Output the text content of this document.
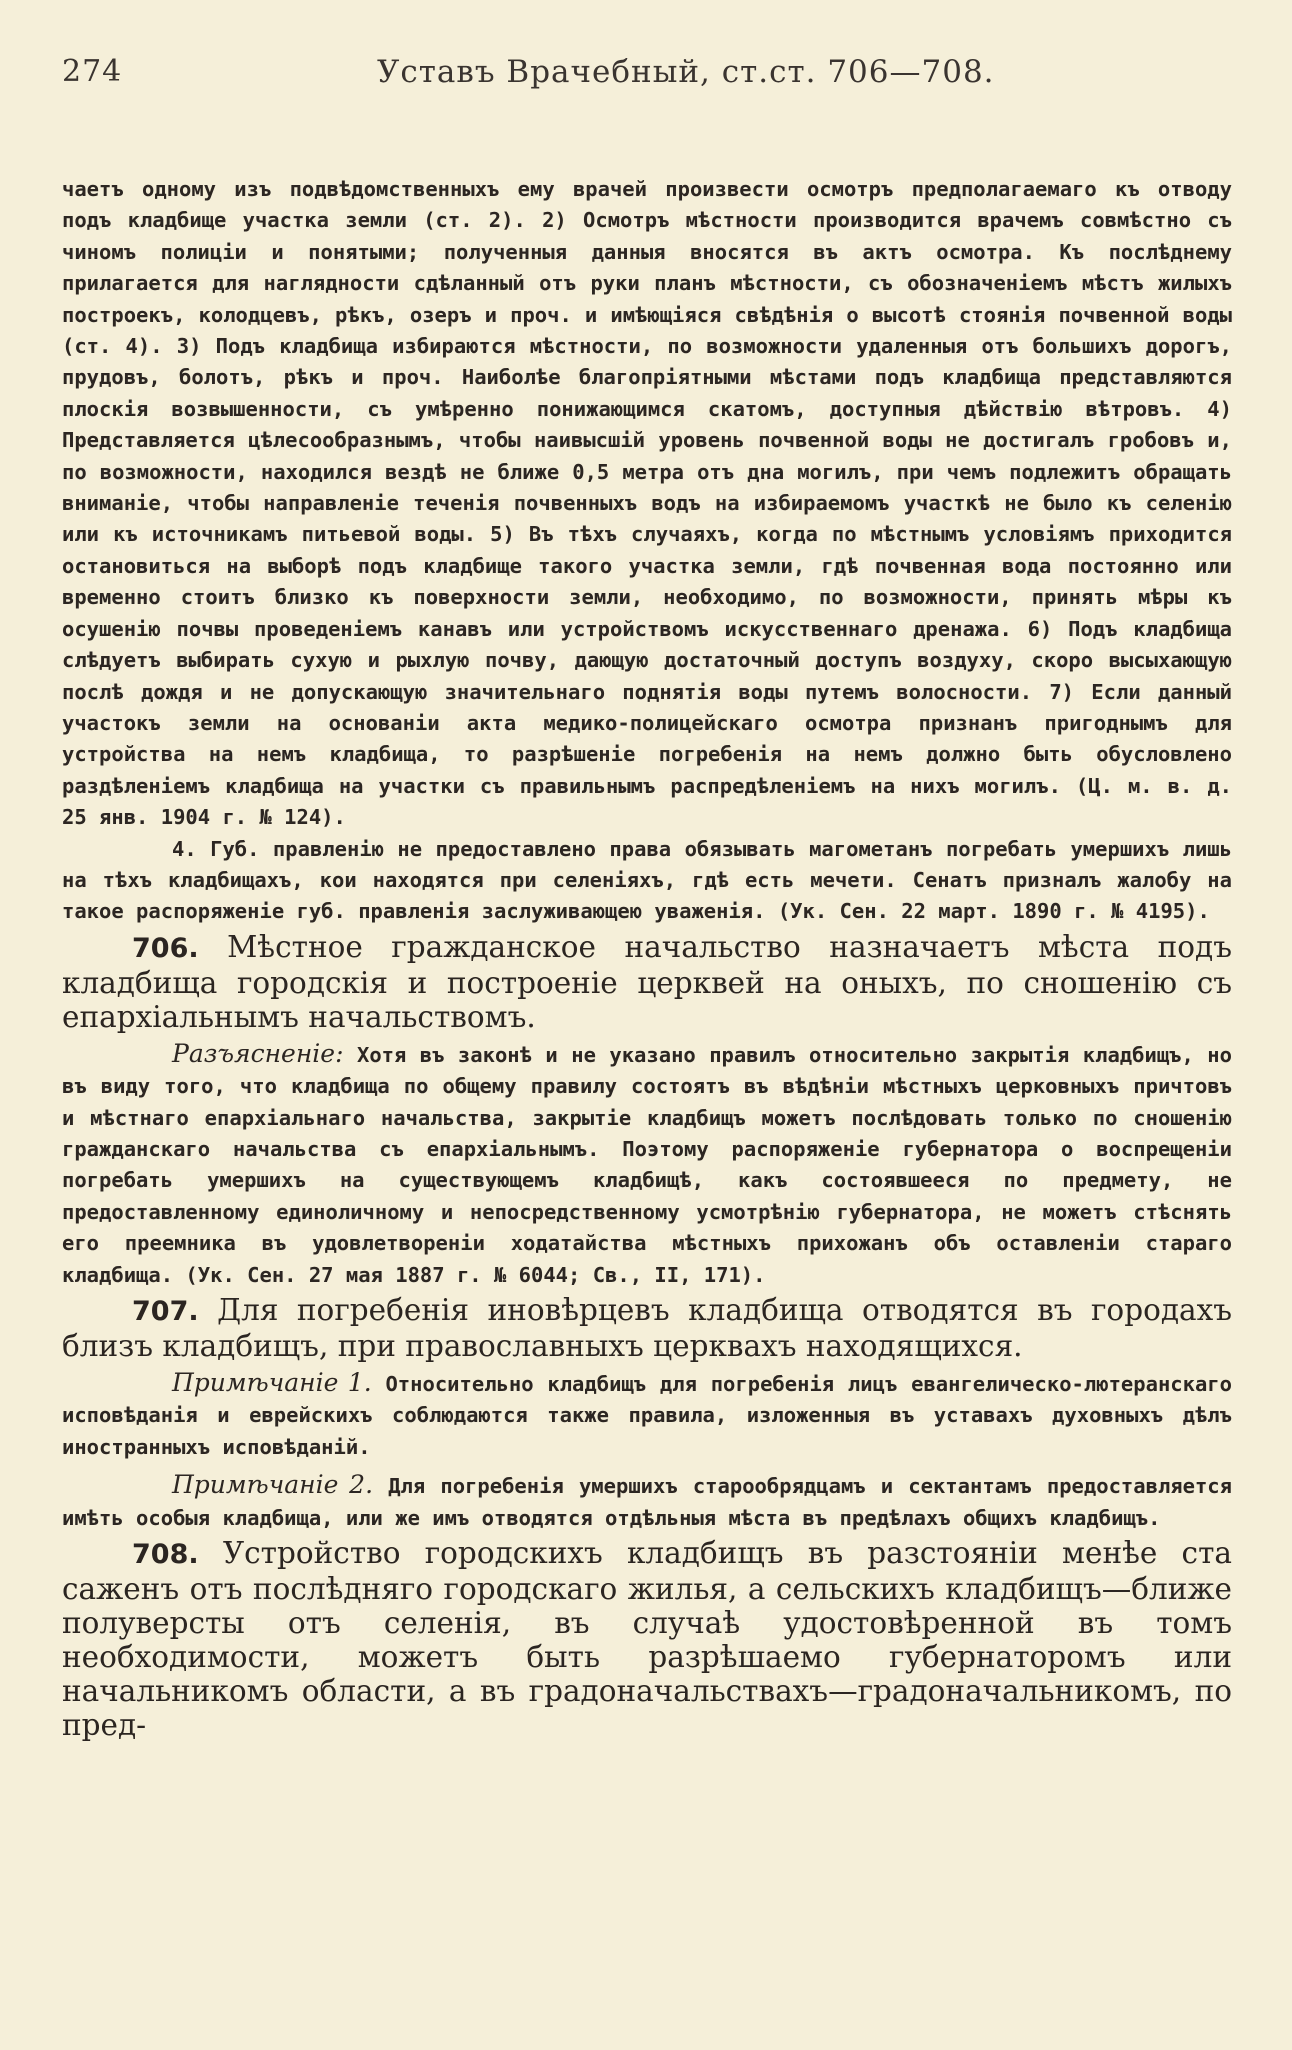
274	Уставъ Врачебный, ст.ст. 706—708.

чаетъ одному изъ подвѣдомственныхъ ему врачей произвести осмотръ предполагаемаго къ отводу подъ кладбище участка земли (ст. 2). 2) Осмотръ мѣстности производится врачемъ совмѣстно съ чиномъ полиціи и понятыми; полученныя данныя вносятся въ актъ осмотра. Къ послѣднему прилагается для наглядности сдѣланный отъ руки планъ мѣстности, съ обозначеніемъ мѣстъ жилыхъ построекъ, колодцевъ, рѣкъ, озеръ и проч. и имѣющіяся свѣдѣнія о высотѣ стоянія почвенной воды (ст. 4). 3) Подъ кладбища избираются мѣстности, по возможности удаленныя отъ большихъ дорогъ, прудовъ, болотъ, рѣкъ и проч. Наиболѣе благопріятными мѣстами подъ кладбища представляются плоскія возвышенности, съ умѣренно понижающимся скатомъ, доступныя дѣйствію вѣтровъ. 4) Представляется цѣлесообразнымъ, чтобы наивысшій уровень почвенной воды не достигалъ гробовъ и, по возможности, находился вездѣ не ближе 0,5 метра отъ дна могилъ, при чемъ подлежитъ обращать вниманіе, чтобы направленіе теченія почвенныхъ водъ на избираемомъ участкѣ не было къ селенію или къ источникамъ питьевой воды. 5) Въ тѣхъ случаяхъ, когда по мѣстнымъ условіямъ приходится остановиться на выборѣ подъ кладбище такого участка земли, гдѣ почвенная вода постоянно или временно стоитъ близко къ поверхности земли, необходимо, по возможности, принять мѣры къ осушенію почвы проведеніемъ канавъ или устройствомъ искусственнаго дренажа. 6) Подъ кладбища слѣдуетъ выбирать сухую и рыхлую почву, дающую достаточный доступъ воздуху, скоро высыхающую послѣ дождя и не допускающую значительнаго поднятія воды путемъ волосности. 7) Если данный участокъ земли на основаніи акта медико-полицейскаго осмотра признанъ пригоднымъ для устройства на немъ кладбища, то разрѣшеніе погребенія на немъ должно быть обусловлено раздѣленіемъ кладбища на участки съ правильнымъ распредѣленіемъ на нихъ могилъ. (Ц. м. в. д. 25 янв. 1904 г. № 124).

4. Губ. правленію не предоставлено права обязывать магометанъ погребать умершихъ лишь на тѣхъ кладбищахъ, кои находятся при селеніяхъ, гдѣ есть мечети. Сенатъ призналъ жалобу на такое распоряженіе губ. правленія заслуживающею уваженія. (Ук. Сен. 22 март. 1890 г. № 4195).

706. Мѣстное гражданское начальство назначаетъ мѣста подъ кладбища городскія и построеніе церквей на оныхъ, по сношенію съ епархіальнымъ начальствомъ.

Разъясненіе: Хотя въ законѣ и не указано правилъ относительно закрытія кладбищъ, но въ виду того, что кладбища по общему правилу состоятъ въ вѣдѣніи мѣстныхъ церковныхъ причтовъ и мѣстнаго епархіальнаго начальства, закрытіе кладбищъ можетъ послѣдовать только по сношенію гражданскаго начальства съ епархіальнымъ. Поэтому распоряженіе губернатора о воспрещеніи погребать умершихъ на существующемъ кладбищѣ, какъ состоявшееся по предмету, не предоставленному единоличному и непосредственному усмотрѣнію губернатора, не можетъ стѣснять его преемника въ удовлетвореніи ходатайства мѣстныхъ прихожанъ объ оставленіи стараго кладбища. (Ук. Сен. 27 мая 1887 г. № 6044; Св., II, 171).

707. Для погребенія иновѣрцевъ кладбища отводятся въ городахъ близъ кладбищъ, при православныхъ церквахъ находящихся.

Примѣчаніе 1. Относительно кладбищъ для погребенія лицъ евангелическо-лютеранскаго исповѣданія и еврейскихъ соблюдаются также правила, изложенныя въ уставахъ духовныхъ дѣлъ иностранныхъ исповѣданій.

Примѣчаніе 2. Для погребенія умершихъ старообрядцамъ и сектантамъ предоставляется имѣть особыя кладбища, или же имъ отводятся отдѣльныя мѣста въ предѣлахъ общихъ кладбищъ.

708. Устройство городскихъ кладбищъ въ разстояніи менѣе ста саженъ отъ послѣдняго городскаго жилья, а сельскихъ кладбищъ—ближе полуверсты отъ селенія, въ случаѣ удостовѣренной въ томъ необходимости, можетъ быть разрѣшаемо губернаторомъ или начальникомъ области, а въ градоначальствахъ—градоначальникомъ, по пред-
